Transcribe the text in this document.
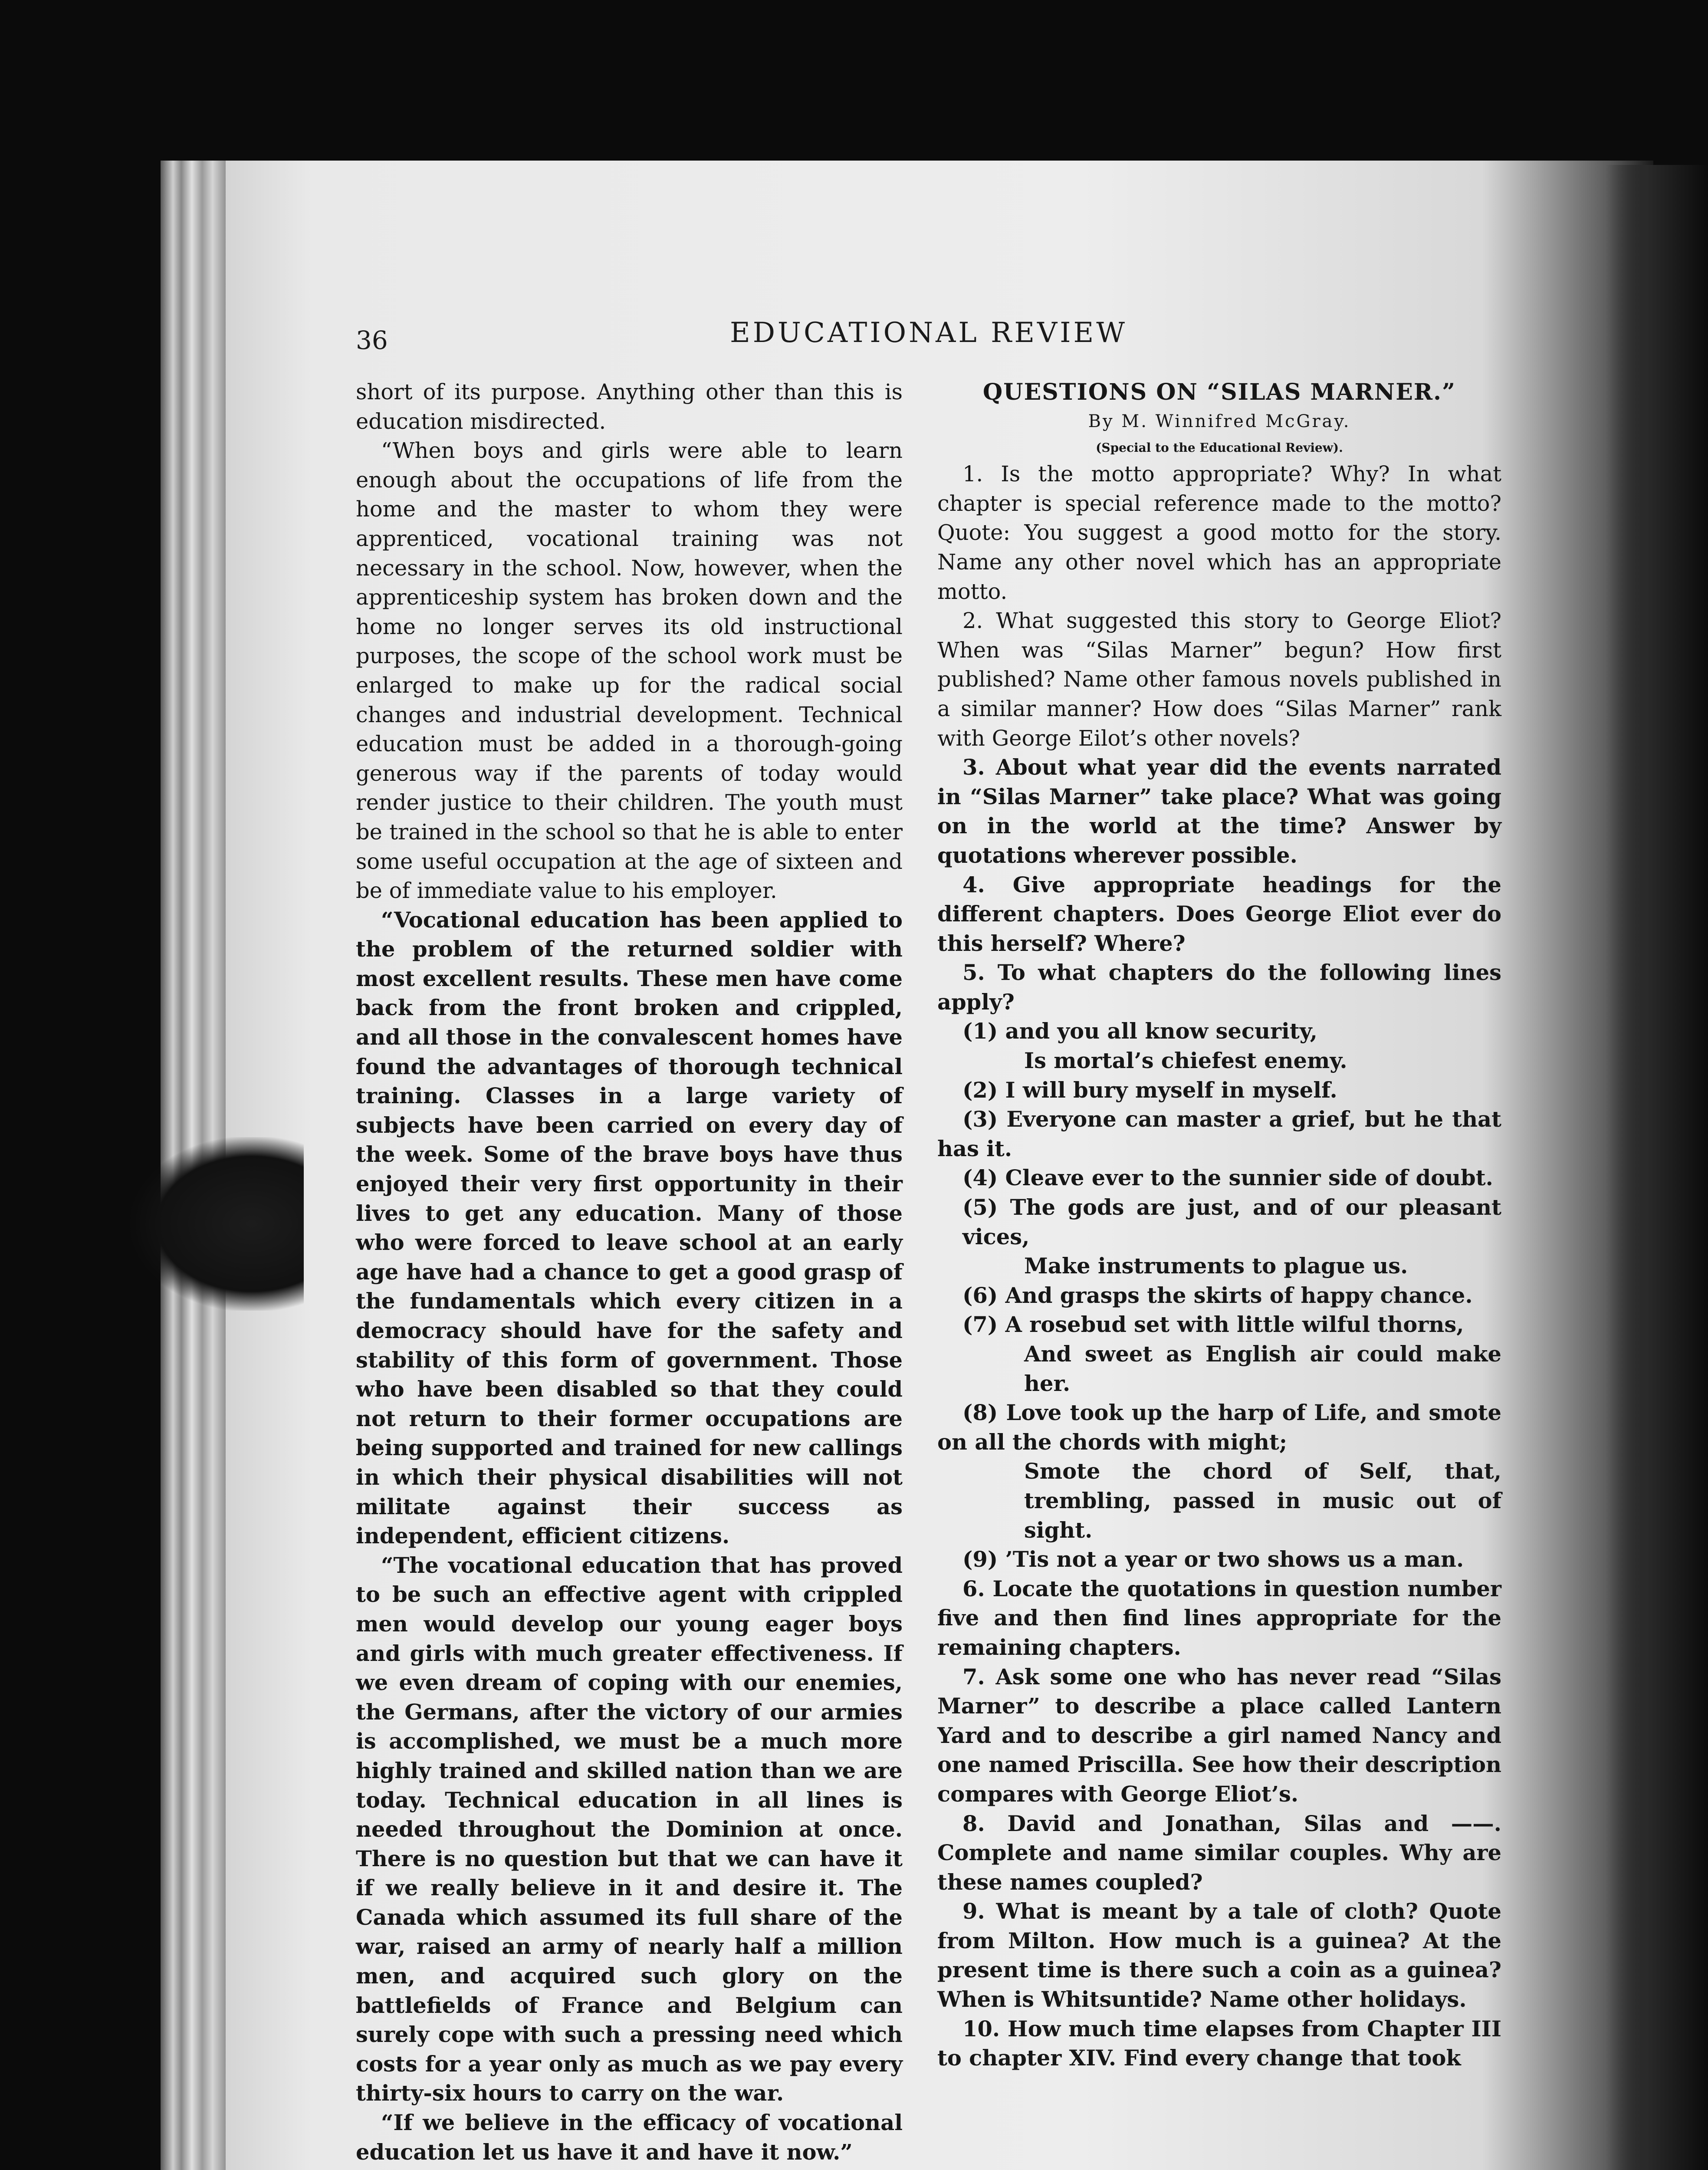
36	EDUCATIONAL REVIEW

short of its purpose. Anything other than this is education misdirected.

“When boys and girls were able to learn enough about the occupations of life from the home and the master to whom they were apprenticed, vocational training was not necessary in the school. Now, however, when the apprenticeship system has broken down and the home no longer serves its old instructional purposes, the scope of the school work must be enlarged to make up for the radical social changes and industrial development. Technical education must be added in a thorough-going generous way if the parents of today would render justice to their children. The youth must be trained in the school so that he is able to enter some useful occupation at the age of sixteen and be of immediate value to his employer.

“Vocational education has been applied to the problem of the returned soldier with most excellent results. These men have come back from the front broken and crippled, and all those in the convalescent homes have found the advantages of thorough technical training. Classes in a large variety of subjects have been carried on every day of the week. Some of the brave boys have thus enjoyed their very first opportunity in their lives to get any education. Many of those who were forced to leave school at an early age have had a chance to get a good grasp of the fundamentals which every citizen in a democracy should have for the safety and stability of this form of government. Those who have been disabled so that they could not return to their former occupations are being supported and trained for new callings in which their physical disabilities will not militate against their success as independent, efficient citizens.

“The vocational education that has proved to be such an effective agent with crippled men would develop our young eager boys and girls with much greater effectiveness. If we even dream of coping with our enemies, the Germans, after the victory of our armies is accomplished, we must be a much more highly trained and skilled nation than we are today. Technical education in all lines is needed throughout the Dominion at once. There is no question but that we can have it if we really believe in it and desire it. The Canada which assumed its full share of the war, raised an army of nearly half a million men, and acquired such glory on the battlefields of France and Belgium can surely cope with such a pressing need which costs for a year only as much as we pay every thirty-six hours to carry on the war.

“If we believe in the efficacy of vocational education let us have it and have it now.”

QUESTIONS ON “SILAS MARNER.”

By M. Winnifred McGray.

(Special to the Educational Review).

1. Is the motto appropriate? Why? In what chapter is special reference made to the motto? Quote: You suggest a good motto for the story. Name any other novel which has an appropriate motto.

2. What suggested this story to George Eliot? When was “Silas Marner” begun? How first published? Name other famous novels published in a similar manner? How does “Silas Marner” rank with George Eilot’s other novels?

3. About what year did the events narrated in “Silas Marner” take place? What was going on in the world at the time? Answer by quotations wherever possible.

4. Give appropriate headings for the different chapters. Does George Eliot ever do this herself? Where?

5. To what chapters do the following lines apply?

(1) and you all know security,

Is mortal’s chiefest enemy.

(2) I will bury myself in myself.

(3) Everyone can master a grief, but he that has it.

(4) Cleave ever to the sunnier side of doubt.

(5) The gods are just, and of our pleasant vices,

Make instruments to plague us.

(6) And grasps the skirts of happy chance.

(7) A rosebud set with little wilful thorns,

And sweet as English air could make her.

(8) Love took up the harp of Life, and smote on all the chords with might;

Smote the chord of Self, that, trembling, passed in music out of sight.

(9) ’Tis not a year or two shows us a man.

6. Locate the quotations in question number five and then find lines appropriate for the remaining chapters.

7. Ask some one who has never read “Silas Marner” to describe a place called Lantern Yard and to describe a girl named Nancy and one named Priscilla. See how their description compares with George Eliot’s.

8. David and Jonathan, Silas and ——. Complete and name similar couples. Why are these names coupled?

9. What is meant by a tale of cloth? Quote from Milton. How much is a guinea? At the present time is there such a coin as a guinea? When is Whitsuntide? Name other holidays.

10. How much time elapses from Chapter III to chapter XIV. Find every change that took
